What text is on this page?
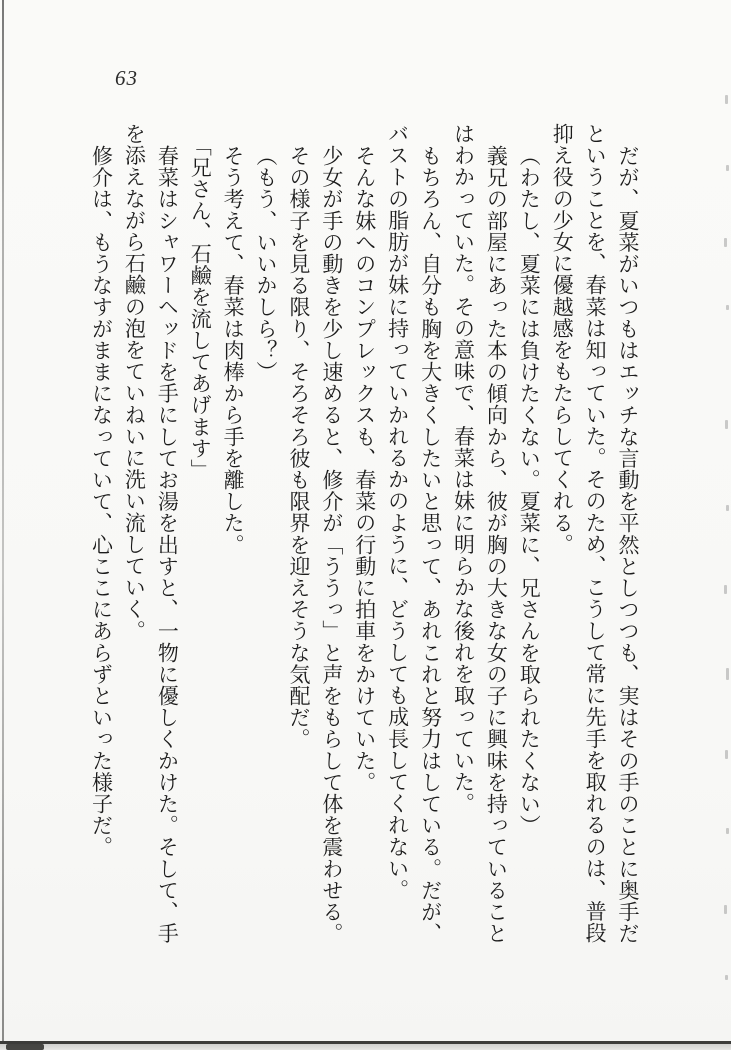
63

だが、夏菜がいつもはエッチな言動を平然としつつも、実はその手のことに奥手だ

ということを、春菜は知っていた。そのため、こうして常に先手を取れるのは、普段

抑え役の少女に優越感をもたらしてくれる。

（わたし、夏菜には負けたくない。夏菜に、兄さんを取られたくない）

義兄の部屋にあった本の傾向から、彼が胸の大きな女の子に興味を持っていること

はわかっていた。その意味で、春菜は妹に明らかな後れを取っていた。

もちろん、自分も胸を大きくしたいと思って、あれこれと努力はしている。だが、

バストの脂肪が妹に持っていかれるかのように、どうしても成長してくれない。

そんな妹へのコンプレックスも、春菜の行動に拍車をかけていた。

少女が手の動きを少し速めると、修介が「ううっ」と声をもらして体を震わせる。

その様子を見る限り、そろそろ彼も限界を迎えそうな気配だ。

（もう、いいかしら？）

そう考えて、春菜は肉棒から手を離した。

「兄さん、石鹼を流してあげます」

春菜はシャワーヘッドを手にしてお湯を出すと、一物に優しくかけた。そして、手

を添えながら石鹼の泡をていねいに洗い流していく。

修介は、もうなすがままになっていて、心ここにあらずといった様子だ。
